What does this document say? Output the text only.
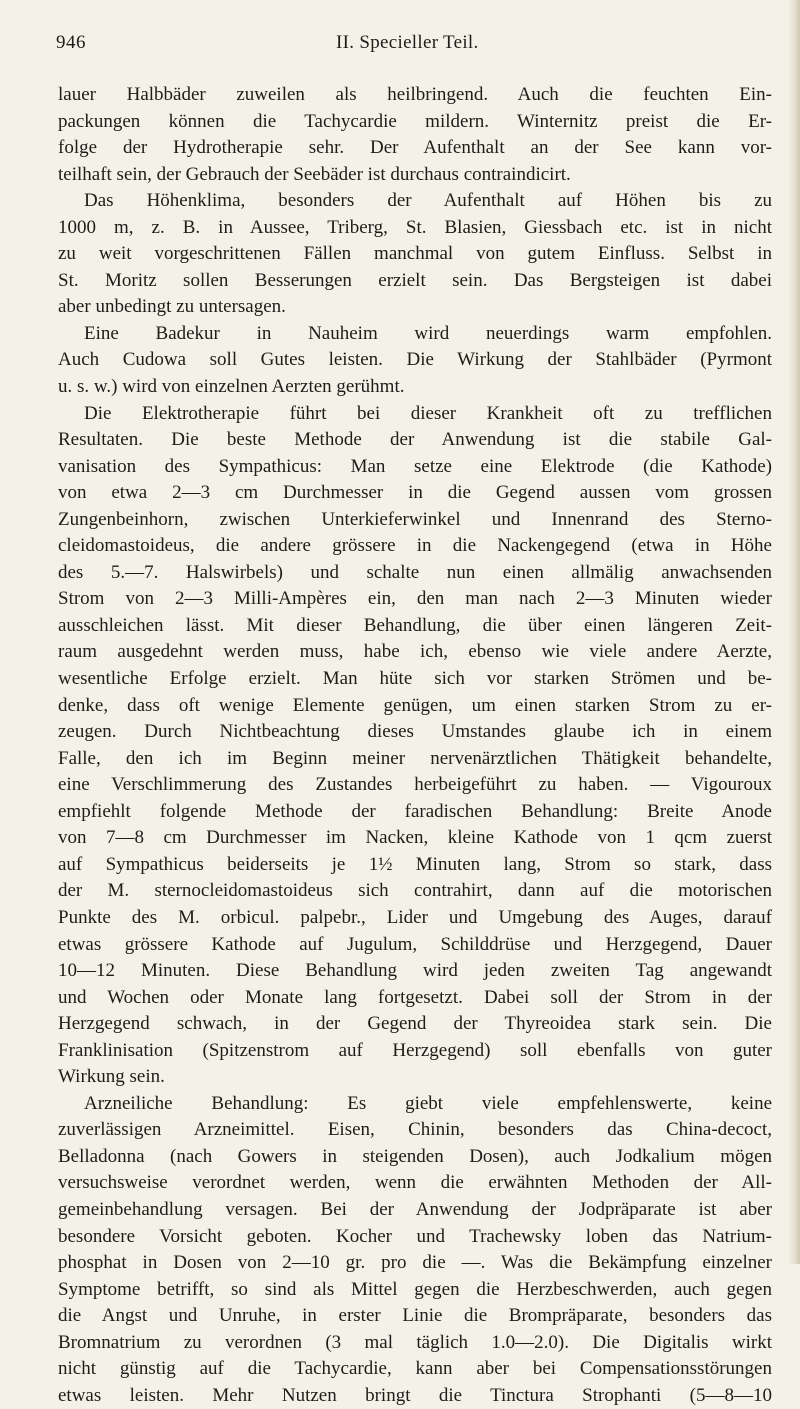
946	II. Specieller Teil.
lauer Halbbäder zuweilen als heilbringend. Auch die feuchten Ein-
packungen können die Tachycardie mildern. Winternitz preist die Er-
folge der Hydrotherapie sehr. Der Aufenthalt an der See kann vor-
teilhaft sein, der Gebrauch der Seebäder ist durchaus contraindicirt.
Das Höhenklima, besonders der Aufenthalt auf Höhen bis zu
1000 m, z. B. in Aussee, Triberg, St. Blasien, Giessbach etc. ist in nicht
zu weit vorgeschrittenen Fällen manchmal von gutem Einfluss. Selbst in
St. Moritz sollen Besserungen erzielt sein. Das Bergsteigen ist dabei
aber unbedingt zu untersagen.
Eine Badekur in Nauheim wird neuerdings warm empfohlen.
Auch Cudowa soll Gutes leisten. Die Wirkung der Stahlbäder (Pyrmont
u. s. w.) wird von einzelnen Aerzten gerühmt.
Die Elektrotherapie führt bei dieser Krankheit oft zu trefflichen
Resultaten. Die beste Methode der Anwendung ist die stabile Gal-
vanisation des Sympathicus: Man setze eine Elektrode (die Kathode)
von etwa 2—3 cm Durchmesser in die Gegend aussen vom grossen
Zungenbeinhorn, zwischen Unterkieferwinkel und Innenrand des Sterno-
cleidomastoideus, die andere grössere in die Nackengegend (etwa in Höhe
des 5.—7. Halswirbels) und schalte nun einen allmälig anwachsenden
Strom von 2—3 Milli-Ampères ein, den man nach 2—3 Minuten wieder
ausschleichen lässt. Mit dieser Behandlung, die über einen längeren Zeit-
raum ausgedehnt werden muss, habe ich, ebenso wie viele andere Aerzte,
wesentliche Erfolge erzielt. Man hüte sich vor starken Strömen und be-
denke, dass oft wenige Elemente genügen, um einen starken Strom zu er-
zeugen. Durch Nichtbeachtung dieses Umstandes glaube ich in einem
Falle, den ich im Beginn meiner nervenärztlichen Thätigkeit behandelte,
eine Verschlimmerung des Zustandes herbeigeführt zu haben. — Vigouroux
empfiehlt folgende Methode der faradischen Behandlung: Breite Anode
von 7—8 cm Durchmesser im Nacken, kleine Kathode von 1 qcm zuerst
auf Sympathicus beiderseits je 1½ Minuten lang, Strom so stark, dass
der M. sternocleidomastoideus sich contrahirt, dann auf die motorischen
Punkte des M. orbicul. palpebr., Lider und Umgebung des Auges, darauf
etwas grössere Kathode auf Jugulum, Schilddrüse und Herzgegend, Dauer
10—12 Minuten. Diese Behandlung wird jeden zweiten Tag angewandt
und Wochen oder Monate lang fortgesetzt. Dabei soll der Strom in der
Herzgegend schwach, in der Gegend der Thyreoidea stark sein. Die
Franklinisation (Spitzenstrom auf Herzgegend) soll ebenfalls von guter
Wirkung sein.
Arzneiliche Behandlung: Es giebt viele empfehlenswerte, keine
zuverlässigen Arzneimittel. Eisen, Chinin, besonders das China-decoct,
Belladonna (nach Gowers in steigenden Dosen), auch Jodkalium mögen
versuchsweise verordnet werden, wenn die erwähnten Methoden der All-
gemeinbehandlung versagen. Bei der Anwendung der Jodpräparate ist aber
besondere Vorsicht geboten. Kocher und Trachewsky loben das Natrium-
phosphat in Dosen von 2—10 gr. pro die —. Was die Bekämpfung einzelner
Symptome betrifft, so sind als Mittel gegen die Herzbeschwerden, auch gegen
die Angst und Unruhe, in erster Linie die Brompräparate, besonders das
Bromnatrium zu verordnen (3 mal täglich 1.0—2.0). Die Digitalis wirkt
nicht günstig auf die Tachycardie, kann aber bei Compensationsstörungen
etwas leisten. Mehr Nutzen bringt die Tinctura Strophanti (5—8—10
